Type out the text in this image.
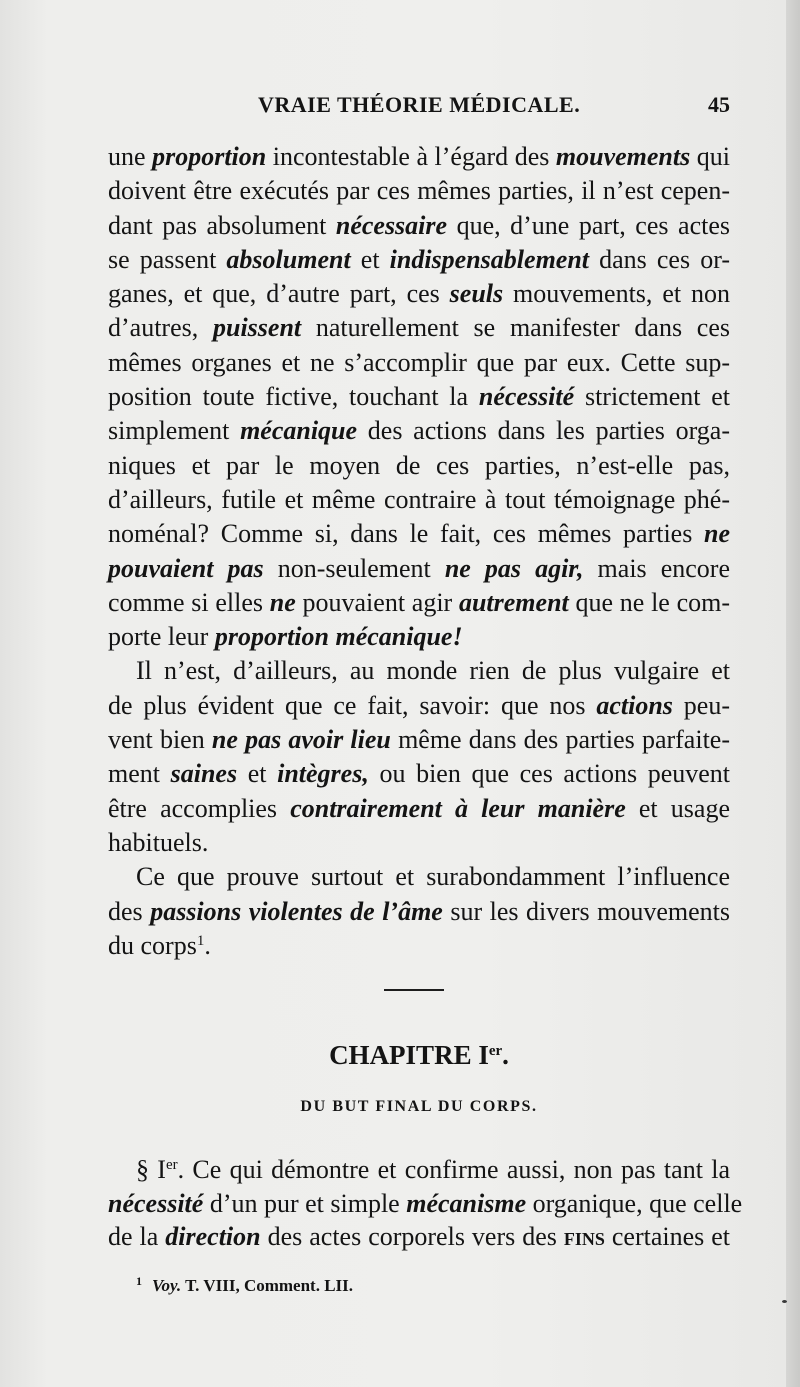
VRAIE THÉORIE MÉDICALE.	45
une proportion incontestable à l’égard des mouvements qui
doivent être exécutés par ces mêmes parties, il n’est cepen-
dant pas absolument nécessaire que, d’une part, ces actes
se passent absolument et indispensablement dans ces or-
ganes, et que, d’autre part, ces seuls mouvements, et non
d’autres, puissent naturellement se manifester dans ces
mêmes organes et ne s’accomplir que par eux. Cette sup-
position toute fictive, touchant la nécessité strictement et
simplement mécanique des actions dans les parties orga-
niques et par le moyen de ces parties, n’est-elle pas,
d’ailleurs, futile et même contraire à tout témoignage phé-
noménal? Comme si, dans le fait, ces mêmes parties ne
pouvaient pas non-seulement ne pas agir, mais encore
comme si elles ne pouvaient agir autrement que ne le com-
porte leur proportion mécanique!
Il n’est, d’ailleurs, au monde rien de plus vulgaire et
de plus évident que ce fait, savoir: que nos actions peu-
vent bien ne pas avoir lieu même dans des parties parfaite-
ment saines et intègres, ou bien que ces actions peuvent
être accomplies contrairement à leur manière et usage
habituels.
Ce que prouve surtout et surabondamment l’influence
des passions violentes de l’âme sur les divers mouvements
du corps$^1$.
CHAPITRE Ier.
DU BUT FINAL DU CORPS.
§ Ier. Ce qui démontre et confirme aussi, non pas tant la
nécessité d’un pur et simple mécanisme organique, que celle
de la direction des actes corporels vers des fins certaines et
$^1$ Voy. T. VIII, Comment. LII.
